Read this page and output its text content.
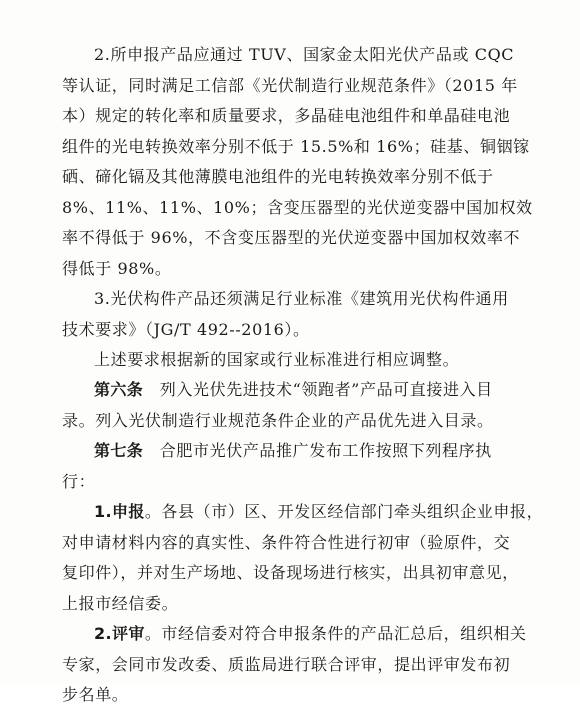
2.所申报产品应通过 TUV、国家金太阳光伏产品或 CQC
等认证，同时满足工信部《光伏制造行业规范条件》（2015 年
本）规定的转化率和质量要求，多晶硅电池组件和单晶硅电池
组件的光电转换效率分别不低于 15.5%和 16%；硅基、铜铟镓
硒、碲化镉及其他薄膜电池组件的光电转换效率分别不低于
8%、11%、11%、10%；含变压器型的光伏逆变器中国加权效
率不得低于 96%，不含变压器型的光伏逆变器中国加权效率不
得低于 98%。
3.光伏构件产品还须满足行业标准《建筑用光伏构件通用
技术要求》（JG/T 492--2016）。
上述要求根据新的国家或行业标准进行相应调整。
第六条　列入光伏先进技术“领跑者”产品可直接进入目
录。列入光伏制造行业规范条件企业的产品优先进入目录。
第七条　合肥市光伏产品推广发布工作按照下列程序执
行：
1.申报。各县（市）区、开发区经信部门牵头组织企业申报，
对申请材料内容的真实性、条件符合性进行初审（验原件，交
复印件），并对生产场地、设备现场进行核实，出具初审意见，
上报市经信委。
2.评审。市经信委对符合申报条件的产品汇总后，组织相关
专家，会同市发改委、质监局进行联合评审，提出评审发布初
步名单。
